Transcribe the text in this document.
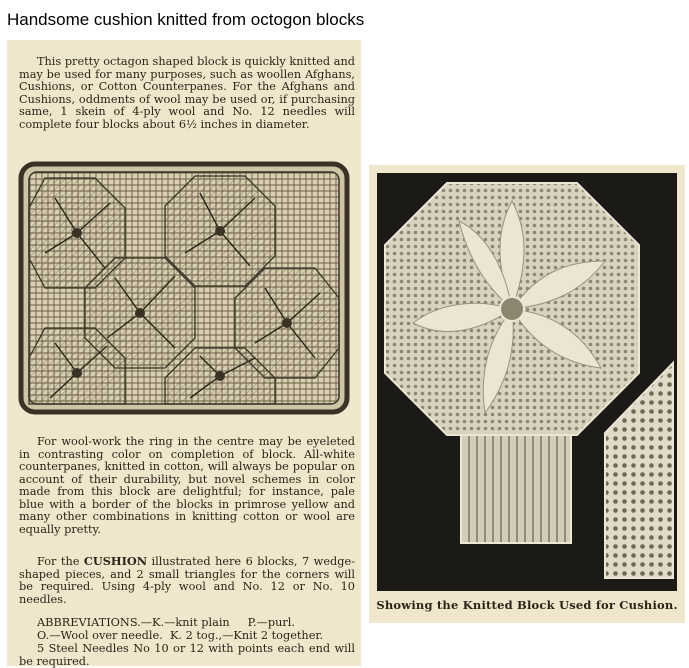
Handsome cushion knitted from octogon blocks

This pretty octagon shaped block is quickly knitted and may be used for many purposes, such as woollen Afghans, Cushions, or Cotton Counterpanes. For the Afghans and Cushions, oddments of wool may be used or, if purchasing same, 1 skein of 4-ply wool and No. 12 needles will complete four blocks about 6½ inches in diameter.

For wool-work the ring in the centre may be eyeleted in contrasting color on completion of block. All-white counterpanes, knitted in cotton, will always be popular on account of their durability, but novel schemes in color made from this block are delightful; for instance, pale blue with a border of the blocks in primrose yellow and many other combinations in knitting cotton or wool are equally pretty.

For the CUSHION illustrated here 6 blocks, 7 wedge-shaped pieces, and 2 small triangles for the corners will be required. Using 4-ply wool and No. 12 or No. 10 needles.

ABBREVIATIONS.—K.—knit plain     P.—purl.

O.—Wool over needle.  K. 2 tog.,—Knit 2 together.

5 Steel Needles No 10 or 12 with points each end will be required.

Showing the Knitted Block Used for Cushion.
